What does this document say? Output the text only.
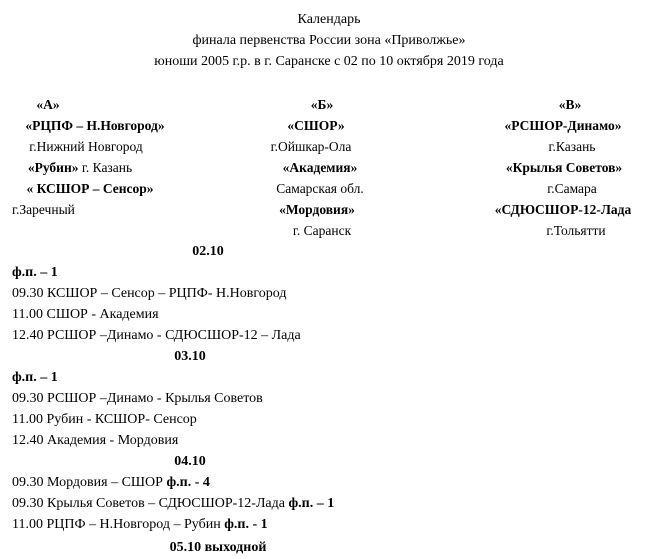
Календарь
финала первенства России зона «Приволжье»
юноши 2005 г.р. в г. Саранске с 02 по 10 октября 2019 года
«А»
«РЦПФ – Н.Новгород»
г.Нижний Новгород
«Рубин» г. Казань
« КСШОР – Сенсор»
г.Заречный
«Б»
«СШОР»
г.Ойшкар-Ола
«Академия»
Самарская обл.
«Мордовия»
г. Саранск
«В»
«РСШОР-Динамо»
г.Казань
«Крылья Советов»
г.Самара
«СДЮСШОР-12-Лада
г.Тольятти
02.10
ф.п. – 1
09.30 КСШОР – Сенсор – РЦПФ- Н.Новгород
11.00 СШОР - Академия
12.40 РСШОР –Динамо - СДЮСШОР-12 – Лада
03.10
ф.п. – 1
09.30 РСШОР –Динамо - Крылья Советов
11.00 Рубин - КСШОР- Сенсор
12.40 Академия - Мордовия
04.10
09.30 Мордовия – СШОР ф.п. - 4
09.30 Крылья Советов – СДЮСШОР-12-Лада ф.п. – 1
11.00 РЦПФ – Н.Новгород – Рубин ф.п. - 1
05.10 выходной
